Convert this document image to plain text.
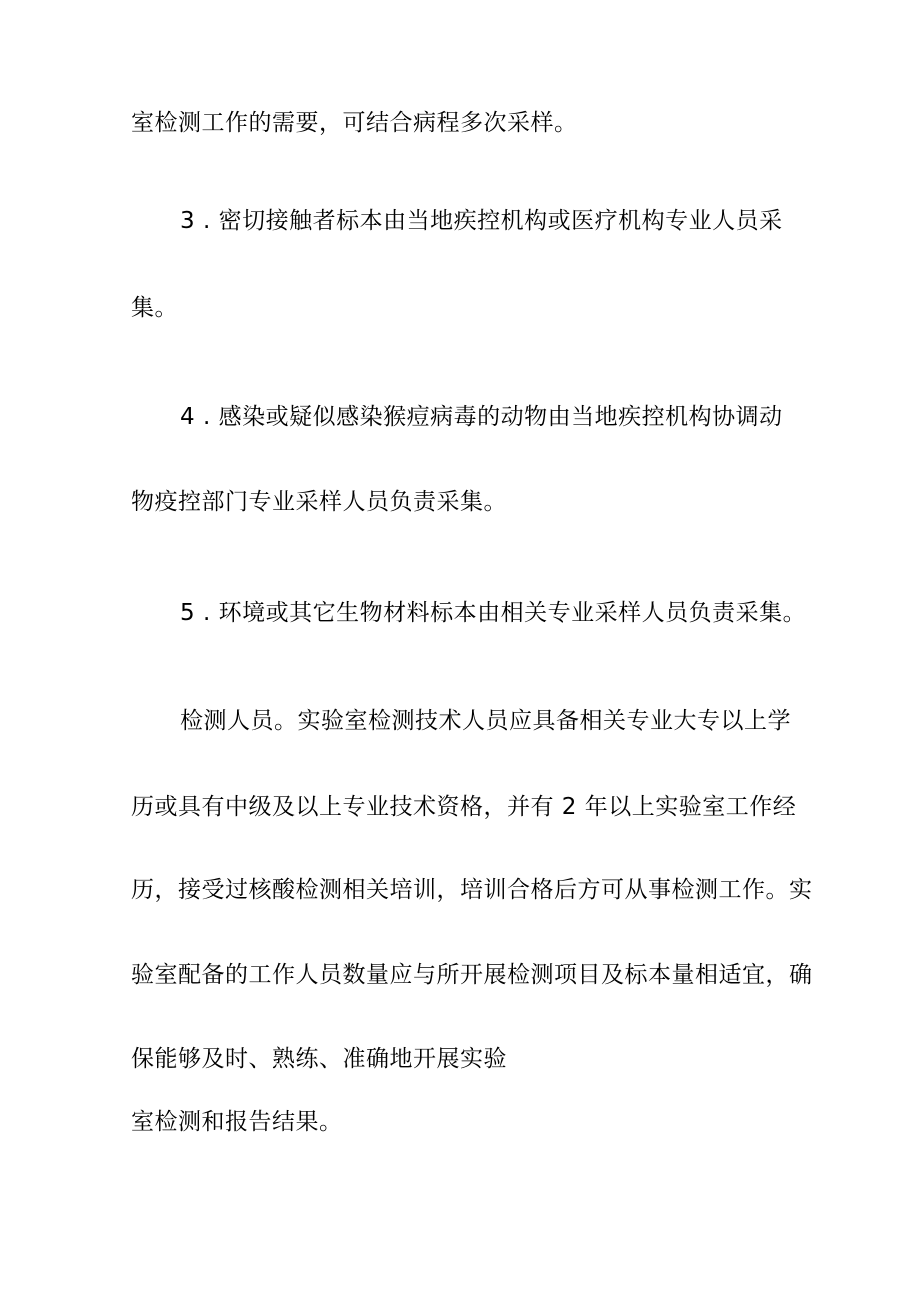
室检测工作的需要，可结合病程多次采样。
3 . 密切接触者标本由当地疾控机构或医疗机构专业人员采
集。
4 . 感染或疑似感染猴痘病毒的动物由当地疾控机构协调动
物疫控部门专业采样人员负责采集。
5 . 环境或其它生物材料标本由相关专业采样人员负责采集。
检测人员。实验室检测技术人员应具备相关专业大专以上学
历或具有中级及以上专业技术资格，并有 2 年以上实验室工作经
历，接受过核酸检测相关培训，培训合格后方可从事检测工作。实
验室配备的工作人员数量应与所开展检测项目及标本量相适宜，确
保能够及时、熟练、准确地开展实验
室检测和报告结果。
